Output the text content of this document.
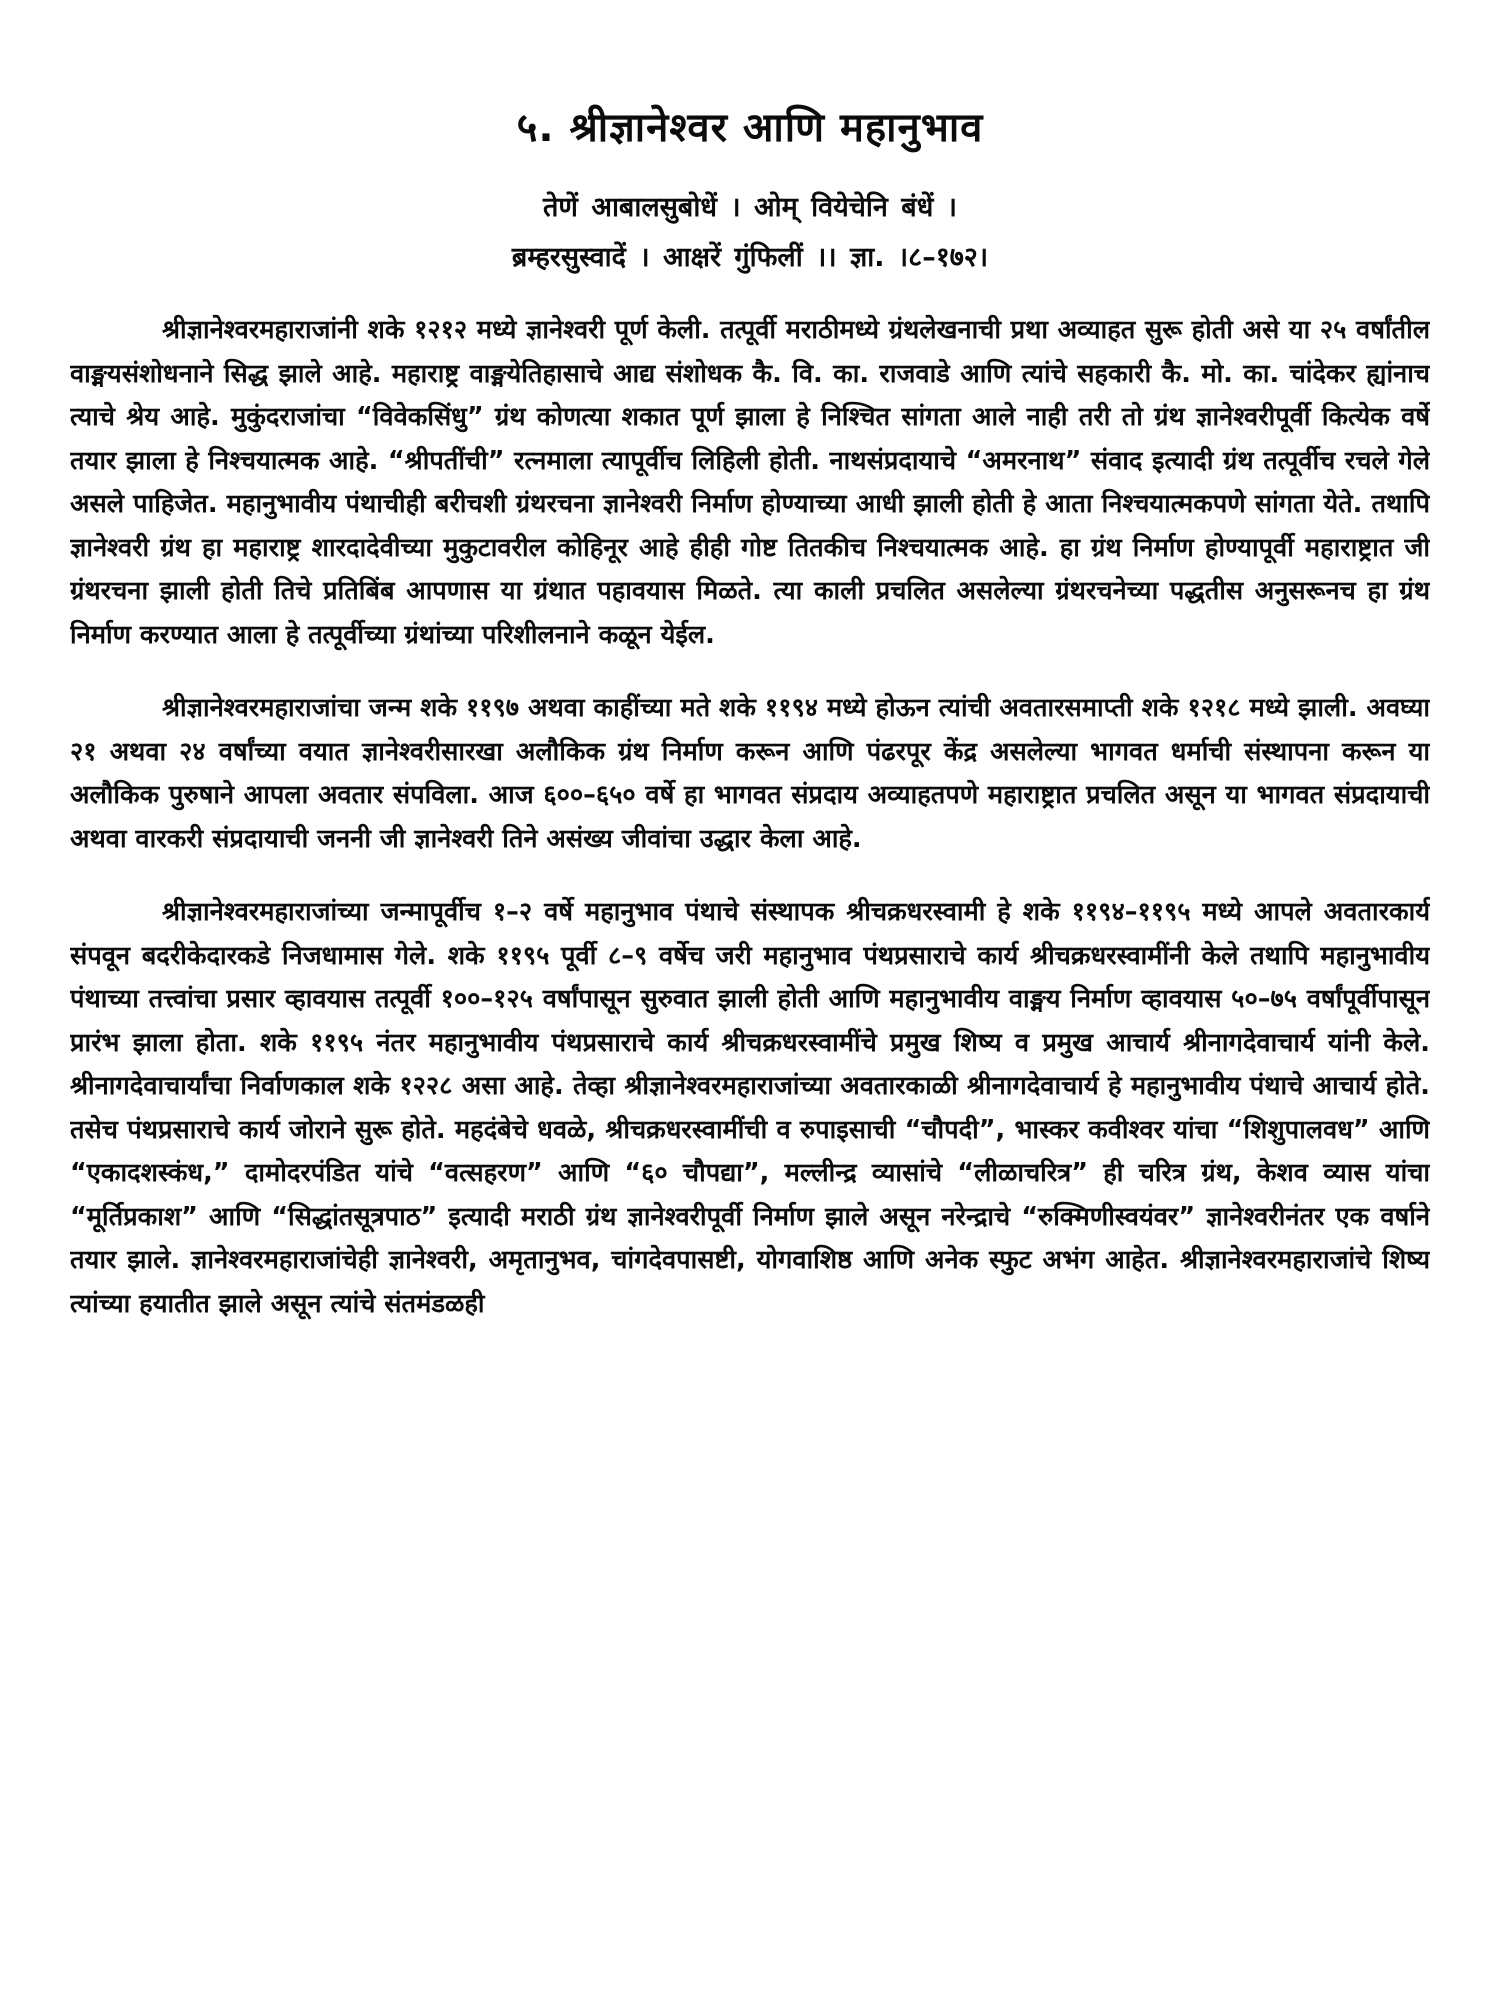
५. श्रीज्ञानेश्वर आणि महानुभाव
तेणें आबालसुबोधें । ओम् वियेचेनि बंधें ।
ब्रम्हरसुस्वादें । आक्षरें गुंफिलीं ।। ज्ञा. ।८–१७२।

श्रीज्ञानेश्वरमहाराजांनी शके १२१२ मध्ये ज्ञानेश्वरी पूर्ण केली. तत्पूर्वी मराठीमध्ये ग्रंथलेखनाची प्रथा अव्याहत सुरू होती असे या २५ वर्षांतील वाङ्मयसंशोधनाने सिद्ध झाले आहे. महाराष्ट्र वाङ्मयेतिहासाचे आद्य संशोधक कै. वि. का. राजवाडे आणि त्यांचे सहकारी कै. मो. का. चांदेकर ह्यांनाच त्याचे श्रेय आहे. मुकुंदराजांचा “विवेकसिंधु” ग्रंथ कोणत्या शकात पूर्ण झाला हे निश्चित सांगता आले नाही तरी तो ग्रंथ ज्ञानेश्वरीपूर्वी कित्येक वर्षे तयार झाला हे निश्चयात्मक आहे. “श्रीपतींची” रत्नमाला त्यापूर्वीच लिहिली होती. नाथसंप्रदायाचे “अमरनाथ” संवाद इत्यादी ग्रंथ तत्पूर्वीच रचले गेले असले पाहिजेत. महानुभावीय पंथाचीही बरीचशी ग्रंथरचना ज्ञानेश्वरी निर्माण होण्याच्या आधी झाली होती हे आता निश्चयात्मकपणे सांगता येते. तथापि ज्ञानेश्वरी ग्रंथ हा महाराष्ट्र शारदादेवीच्या मुकुटावरील कोहिनूर आहे हीही गोष्ट तितकीच निश्चयात्मक आहे. हा ग्रंथ निर्माण होण्यापूर्वी महाराष्ट्रात जी ग्रंथरचना झाली होती तिचे प्रतिबिंब आपणास या ग्रंथात पहावयास मिळते. त्या काली प्रचलित असलेल्या ग्रंथरचनेच्या पद्धतीस अनुसरूनच हा ग्रंथ निर्माण करण्यात आला हे तत्पूर्वीच्या ग्रंथांच्या परिशीलनाने कळून येईल.

श्रीज्ञानेश्वरमहाराजांचा जन्म शके ११९७ अथवा काहींच्या मते शके ११९४ मध्ये होऊन त्यांची अवतारसमाप्ती शके १२१८ मध्ये झाली. अवघ्या २१ अथवा २४ वर्षांच्या वयात ज्ञानेश्वरीसारखा अलौकिक ग्रंथ निर्माण करून आणि पंढरपूर केंद्र असलेल्या भागवत धर्माची संस्थापना करून या अलौकिक पुरुषाने आपला अवतार संपविला. आज ६००–६५० वर्षे हा भागवत संप्रदाय अव्याहतपणे महाराष्ट्रात प्रचलित असून या भागवत संप्रदायाची अथवा वारकरी संप्रदायाची जननी जी ज्ञानेश्वरी तिने असंख्य जीवांचा उद्धार केला आहे.

श्रीज्ञानेश्वरमहाराजांच्या जन्मापूर्वीच १–२ वर्षे महानुभाव पंथाचे संस्थापक श्रीचक्रधरस्वामी हे शके ११९४–११९५ मध्ये आपले अवतारकार्य संपवून बदरीकेदारकडे निजधामास गेले. शके ११९५ पूर्वी ८–९ वर्षेच जरी महानुभाव पंथप्रसाराचे कार्य श्रीचक्रधरस्वामींनी केले तथापि महानुभावीय पंथाच्या तत्त्वांचा प्रसार व्हावयास तत्पूर्वी १००–१२५ वर्षांपासून सुरुवात झाली होती आणि महानुभावीय वाङ्मय निर्माण व्हावयास ५०–७५ वर्षांपूर्वीपासून प्रारंभ झाला होता. शके ११९५ नंतर महानुभावीय पंथप्रसाराचे कार्य श्रीचक्रधरस्वामींचे प्रमुख शिष्य व प्रमुख आचार्य श्रीनागदेवाचार्य यांनी केले. श्रीनागदेवाचार्यांचा निर्वाणकाल शके १२२८ असा आहे. तेव्हा श्रीज्ञानेश्वरमहाराजांच्या अवतारकाळी श्रीनागदेवाचार्य हे महानुभावीय पंथाचे आचार्य होते. तसेच पंथप्रसाराचे कार्य जोराने सुरू होते. महदंबेचे धवळे, श्रीचक्रधरस्वामींची व रुपाइसाची “चौपदी”, भास्कर कवीश्वर यांचा “शिशुपालवध” आणि “एकादशस्कंध,” दामोदरपंडित यांचे “वत्सहरण” आणि “६० चौपद्या”, मल्लीन्द्र व्यासांचे “लीळाचरित्र” ही चरित्र ग्रंथ, केशव व्यास यांचा “मूर्तिप्रकाश” आणि “सिद्धांतसूत्रपाठ” इत्यादी मराठी ग्रंथ ज्ञानेश्वरीपूर्वी निर्माण झाले असून नरेन्द्राचे “रुक्मिणीस्वयंवर” ज्ञानेश्वरीनंतर एक वर्षाने तयार झाले. ज्ञानेश्वरमहाराजांचेही ज्ञानेश्वरी, अमृतानुभव, चांगदेवपासष्टी, योगवाशिष्ठ आणि अनेक स्फुट अभंग आहेत. श्रीज्ञानेश्वरमहाराजांचे शिष्य त्यांच्या हयातीत झाले असून त्यांचे संतमंडळही
